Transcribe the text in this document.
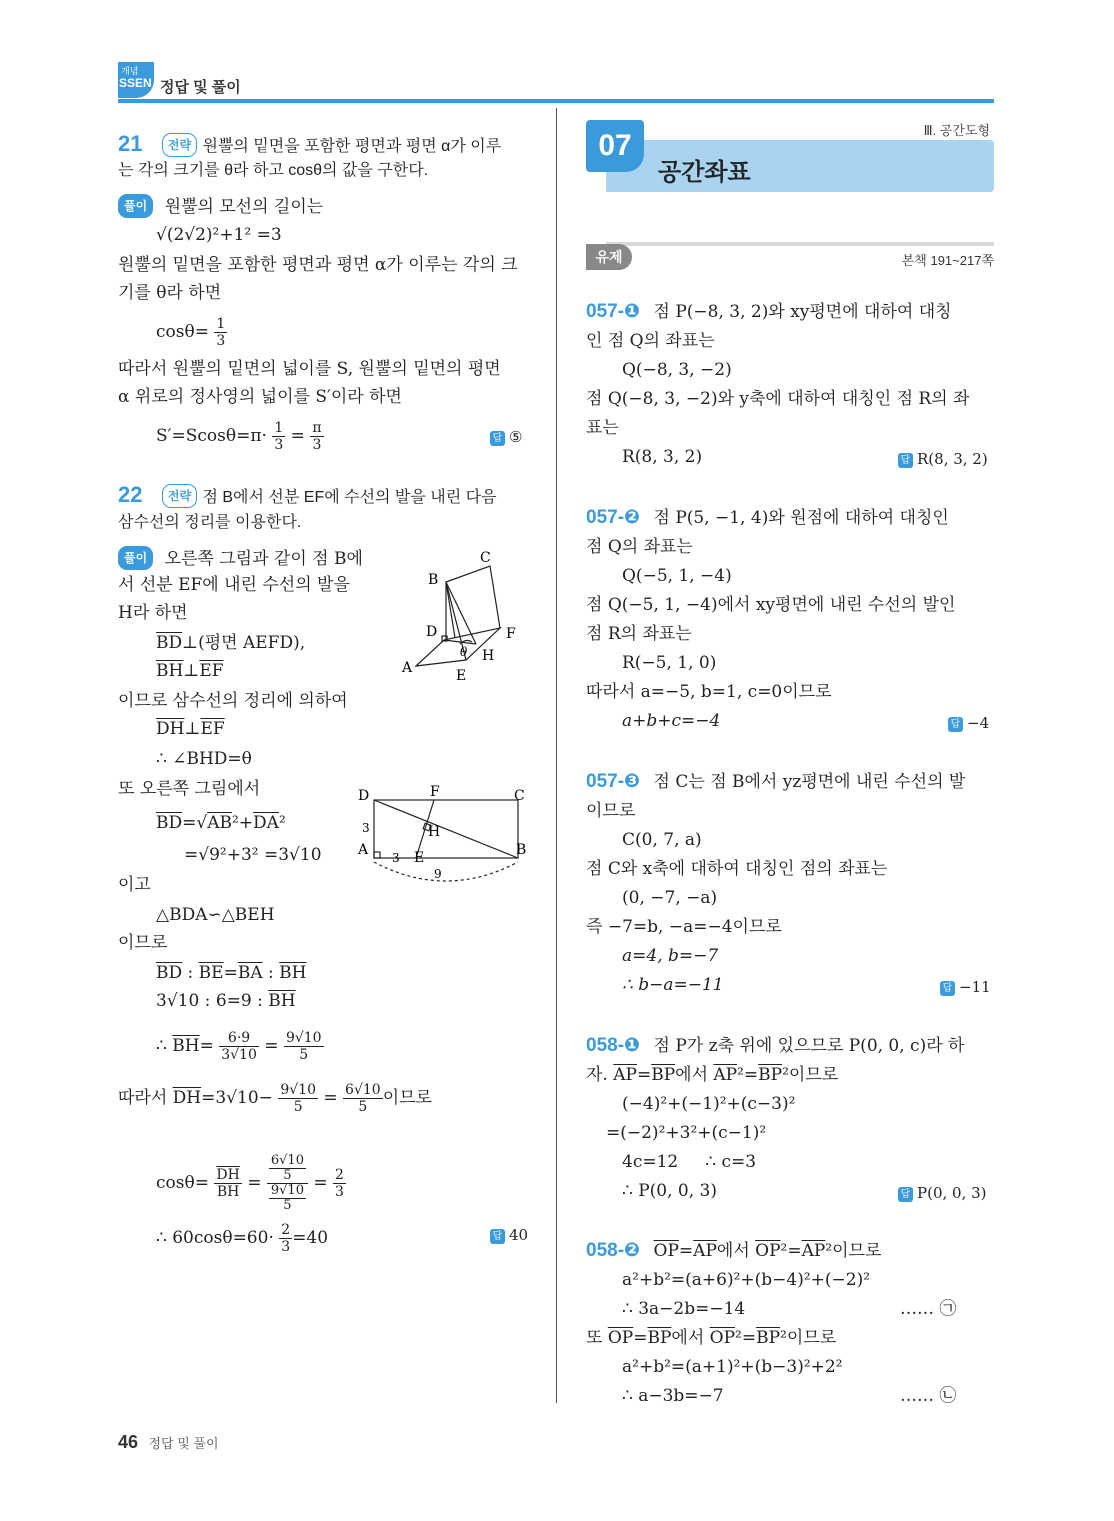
개념
SSEN 정답 및 풀이
21 전략 원뿔의 밑면을 포함한 평면과 평면 α가 이루
는 각의 크기를 θ라 하고 cosθ의 값을 구한다.
풀이 원뿔의 모선의 길이는
√(2√2)²+1² =3
원뿔의 밑면을 포함한 평면과 평면 α가 이루는 각의 크
기를 θ라 하면
$\cos\theta= \frac{1}{3}$
따라서 원뿔의 밑면의 넓이를 S, 원뿔의 밑면의 평면
α 위로의 정사영의 넓이를 S′이라 하면
$S'=Scos\theta=\pi\cdot \frac{1}{3} = \frac{\pi}{3}$	답 ⑤
22 전략 점 B에서 선분 EF에 수선의 발을 내린 다음
삼수선의 정리를 이용한다.
풀이 오른쪽 그림과 같이 점 B에
서 선분 EF에 내린 수선의 발을
H라 하면
$\overline{BD}\perp$(평면 AEFD),
$\overline{BH}\perp\overline{EF}$
이므로 삼수선의 정리에 의하여
$\overline{DH}\perp\overline{EF}$
∴ ∠BHD=θ
또 오른쪽 그림에서
$\overline{BD}=√AB^2+\overline{DA}^2$
=√9²+3² =3√10
이고
△BDA∽△BEH
이므로
$\overline{BD}$ : $\overline{BE}=\overline{BA}$ : $\overline{BH}$
3√10 : 6=9 : $\overline{BH}$
∴ $\overline{BH}= \frac{6\cdot 9}{3√10} = \frac{9√10}{5}$
따라서 $\overline{DH}=3√10- \frac{9√10}{5} = \frac{6√10}{5}$ 이므로
$\cos\theta= \frac{\overline{DH}}{BH} = \frac{\frac{6√10}{5}}{\frac{9√10}{5}} = \frac{2}{3}$
∴ $60\cos\theta=60\cdot \frac{2}{3} =40$	답 40
C
B
D	F
A	E
H
θ
D	F	C
H
A	E	B
3
3
9
Ⅲ. 공간도형
07
공간좌표
유제	본책 191~217쪽
057-❶ 점 P(−8, 3, 2)와 xy평면에 대하여 대칭
인 점 Q의 좌표는
Q(−8, 3, −2)
점 Q(−8, 3, −2)와 y축에 대하여 대칭인 점 R의 좌
표는
R(8, 3, 2)	답 R(8, 3, 2)
057-❷ 점 P(5, −1, 4)와 원점에 대하여 대칭인
점 Q의 좌표는
Q(−5, 1, −4)
점 Q(−5, 1, −4)에서 xy평면에 내린 수선의 발인
점 R의 좌표는
R(−5, 1, 0)
따라서 a=−5, b=1, c=0이므로
a+b+c=−4	답 −4
057-❸ 점 C는 점 B에서 yz평면에 내린 수선의 발
이므로
C(0, 7, a)
점 C와 x축에 대하여 대칭인 점의 좌표는
(0, −7, −a)
즉 −7=b, −a=−4이므로
a=4, b=−7
∴ b−a=−11	답 −11
058-❶ 점 P가 z축 위에 있으므로 P(0, 0, c)라 하
자. $\overline{AP}=\overline{BP}$에서 $\overline{AP}^2=\overline{BP}^2$이므로
(−4)²+(−1)²+(c−3)²
=(−2)²+3²+(c−1)²
4c=12     ∴ c=3
∴ P(0, 0, 3)	답 P(0, 0, 3)
058-❷ $\overline{OP}=\overline{AP}$에서 $\overline{OP}^2=\overline{AP}^2$이므로
a²+b²=(a+6)²+(b−4)²+(−2)²
∴ 3a−2b=−14	…… ㉠
또 $\overline{OP}=\overline{BP}$에서 $\overline{OP}^2=\overline{BP}^2$이므로
a²+b²=(a+1)²+(b−3)²+2²
∴ a−3b=−7	…… ㉡
46 정답 및 풀이
